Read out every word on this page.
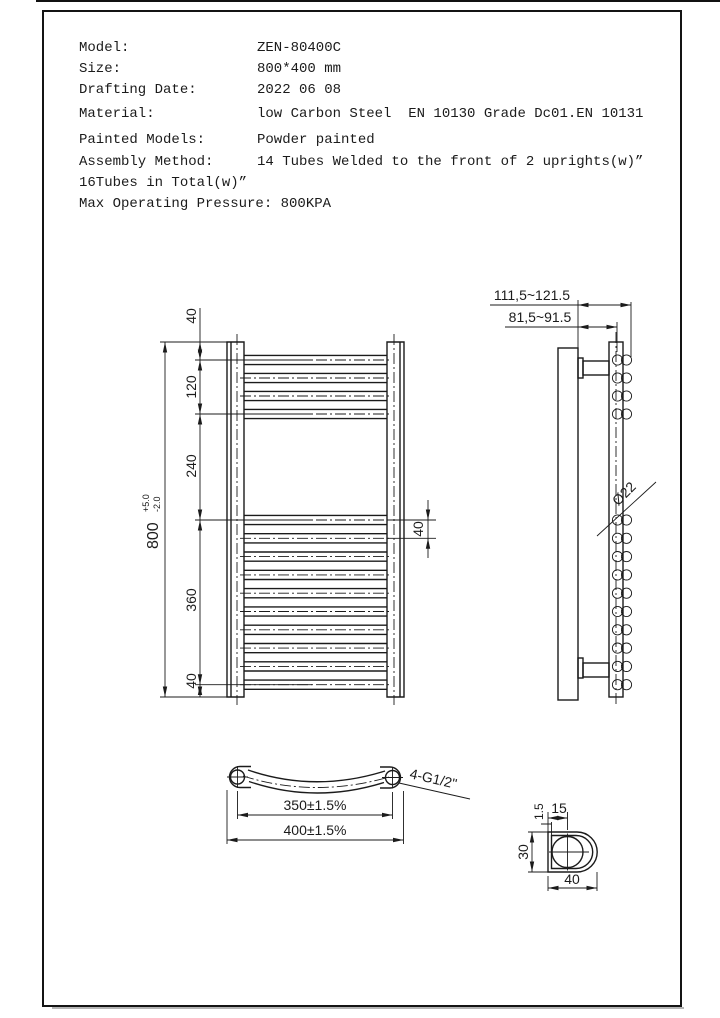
Model:

	ZEN-80400C

Size:

	800*400 mm

Drafting Date:

	2022 06 08

Material:

	low Carbon Steel  EN 10130 Grade Dc01.EN 10131

Painted Models:

	Powder painted

Assembly Method:

	14 Tubes Welded to the front of 2 uprights(w)”

16Tubes in Total(w)”
Max Operating Pressure: 800KPA
800
+5.0 -2.0
40
120
240
360
40
40
111,5~121.5
81,5~91.5
Ø22
4-G1/2"
350±1.5%
400±1.5%
1.5 15
30
40
